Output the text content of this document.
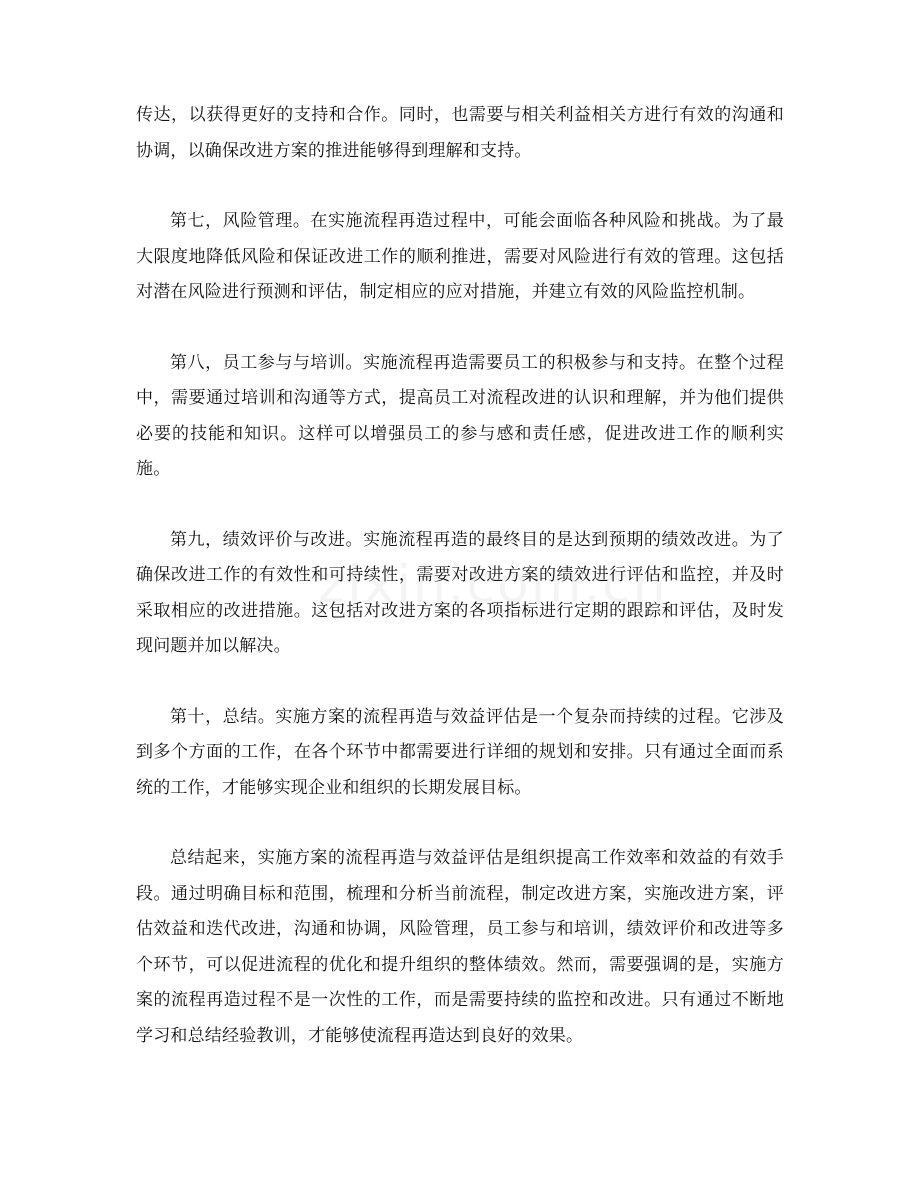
传达，以获得更好的支持和合作。同时，也需要与相关利益相关方进行有效的沟通和协调，以确保改进方案的推进能够得到理解和支持。

第七，风险管理。在实施流程再造过程中，可能会面临各种风险和挑战。为了最大限度地降低风险和保证改进工作的顺利推进，需要对风险进行有效的管理。这包括对潜在风险进行预测和评估，制定相应的应对措施，并建立有效的风险监控机制。

第八，员工参与与培训。实施流程再造需要员工的积极参与和支持。在整个过程中，需要通过培训和沟通等方式，提高员工对流程改进的认识和理解，并为他们提供必要的技能和知识。这样可以增强员工的参与感和责任感，促进改进工作的顺利实施。

第九，绩效评价与改进。实施流程再造的最终目的是达到预期的绩效改进。为了确保改进工作的有效性和可持续性，需要对改进方案的绩效进行评估和监控，并及时采取相应的改进措施。这包括对改进方案的各项指标进行定期的跟踪和评估，及时发现问题并加以解决。

第十，总结。实施方案的流程再造与效益评估是一个复杂而持续的过程。它涉及到多个方面的工作，在各个环节中都需要进行详细的规划和安排。只有通过全面而系统的工作，才能够实现企业和组织的长期发展目标。

总结起来，实施方案的流程再造与效益评估是组织提高工作效率和效益的有效手段。通过明确目标和范围，梳理和分析当前流程，制定改进方案，实施改进方案，评估效益和迭代改进，沟通和协调，风险管理，员工参与和培训，绩效评价和改进等多个环节，可以促进流程的优化和提升组织的整体绩效。然而，需要强调的是，实施方案的流程再造过程不是一次性的工作，而是需要持续的监控和改进。只有通过不断地学习和总结经验教训，才能够使流程再造达到良好的效果。
